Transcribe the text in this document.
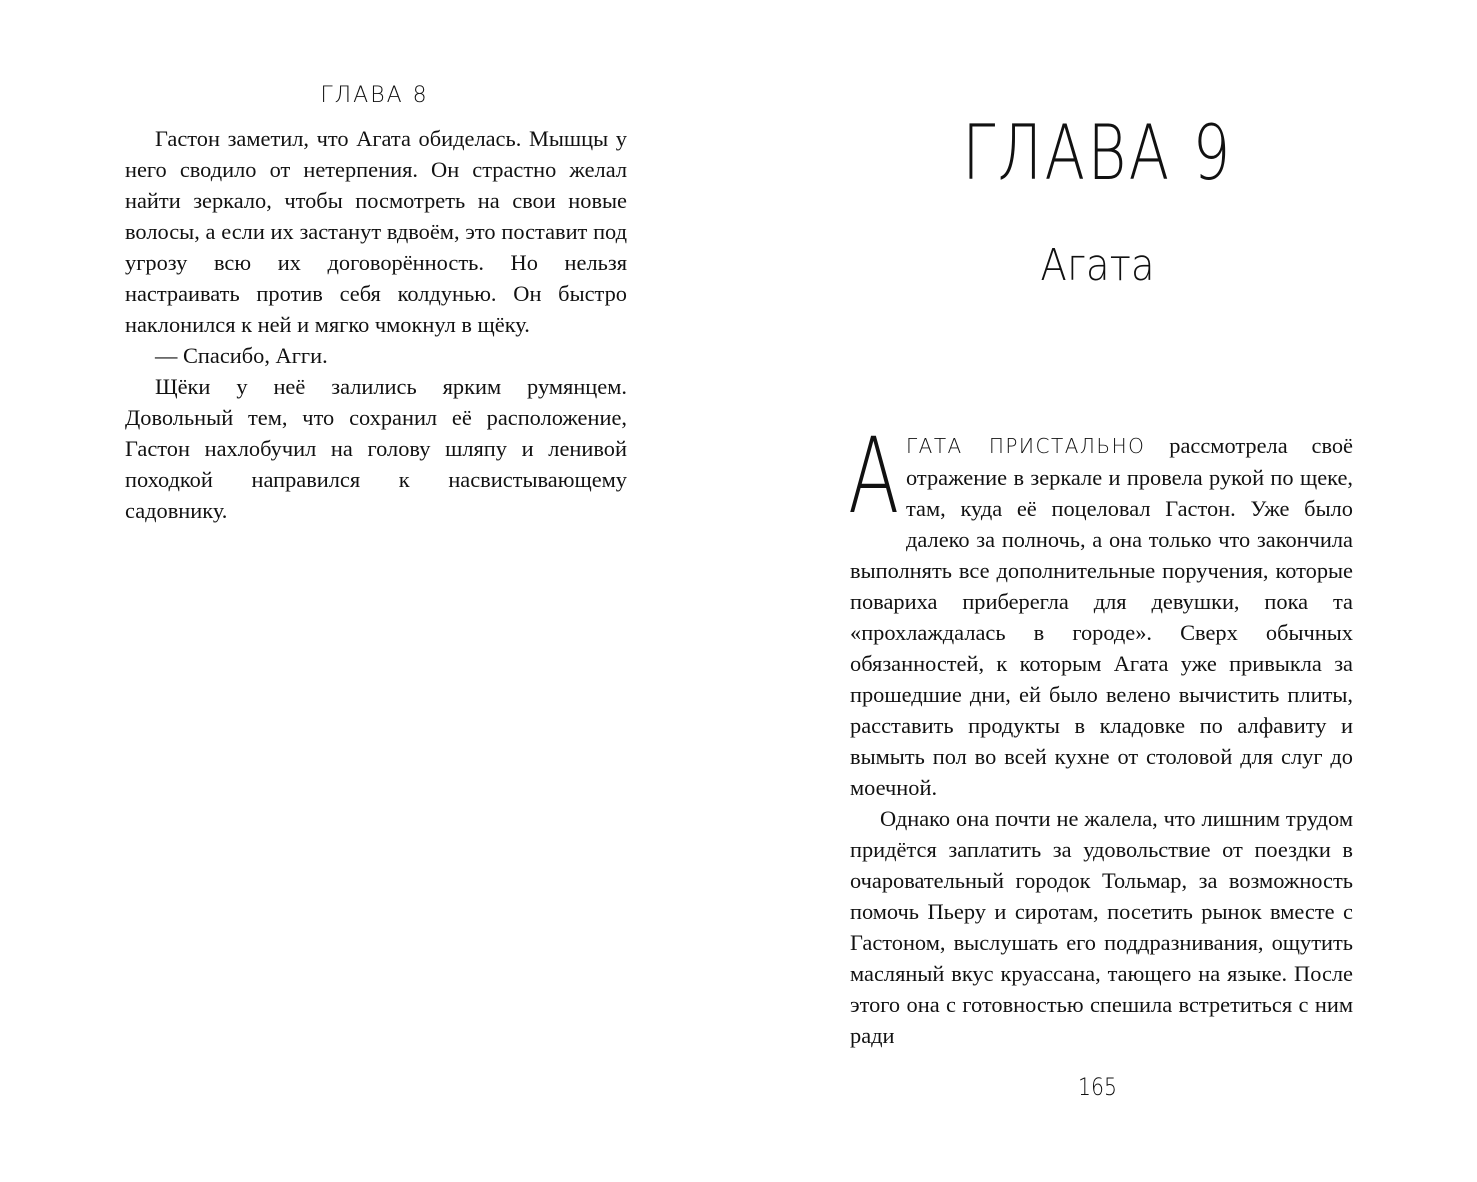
ГЛАВА 8

Гастон заметил, что Агата обиделась. Мышцы у него сводило от нетерпения. Он страстно желал найти зеркало, чтобы посмотреть на свои новые волосы, а если их застанут вдвоём, это поставит под угрозу всю их договорённость. Но нельзя настраивать против себя колдунью. Он быстро наклонился к ней и мягко чмокнул в щёку.

— Спасибо, Агги.

Щёки у неё залились ярким румянцем. Довольный тем, что сохранил её расположение, Гастон нахлобучил на голову шляпу и ленивой походкой направился к насвистывающему садовнику.

ГЛАВА 9
Агата

АГАТА ПРИСТАЛЬНО рассмотрела своё отражение в зеркале и провела рукой по щеке, там, куда её поцеловал Гастон. Уже было далеко за полночь, а она только что закончила выполнять все дополнительные поручения, которые повариха приберегла для девушки, пока та «прохлаждалась в городе». Сверх обычных обязанностей, к которым Агата уже привыкла за прошедшие дни, ей было велено вычистить плиты, расставить продукты в кладовке по алфавиту и вымыть пол во всей кухне от столовой для слуг до моечной.

Однако она почти не жалела, что лишним трудом придётся заплатить за удовольствие от поездки в очаровательный городок Тольмар, за возможность помочь Пьеру и сиротам, посетить рынок вместе с Гастоном, выслушать его поддразнивания, ощутить масляный вкус круассана, тающего на языке. После этого она с готовностью спешила встретиться с ним ради

165
